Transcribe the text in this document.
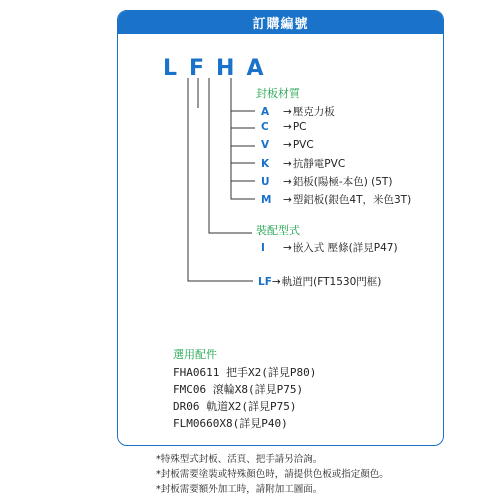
訂購編號
LFHA
封板材質
A →壓克力板
C →PC
V →PVC
K →抗靜電PVC
U →鋁板(陽極-本色) (5T)
M →塑鋁板(銀色4T，米色3T)
裝配型式
I →嵌入式 壓條(詳見P47)
LF→軌道門(FT1530門框)
選用配件
FHA0611 把手X2(詳見P80)
FMC06 滾輪X8(詳見P75)
DR06 軌道X2(詳見P75)
FLM0660X8(詳見P40)
*特殊型式封板、活頁、把手請另洽詢。
*封板需要塗裝或特殊顏色時，請提供色板或指定顏色。
*封板需要額外加工時，請附加工圖面。
